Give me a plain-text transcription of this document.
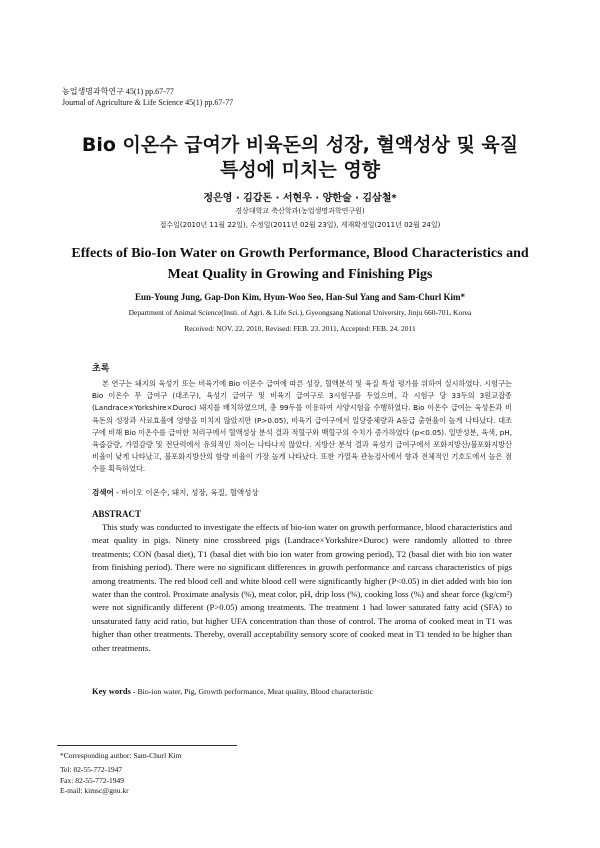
농업생명과학연구 45(1) pp.67-77
Journal of Agriculture & Life Science 45(1) pp.67-77
Bio 이온수 급여가 비육돈의 성장, 혈액성상 및 육질
특성에 미치는 영향
정은영 · 김갑돈 · 서현우 · 양한술 · 김삼철*
경상대학교 축산학과(농업생명과학연구원)
접수일(2010년 11월 22일), 수정일(2011년 02월 23일), 게재확정일(2011년 02월 24일)
Effects of Bio-Ion Water on Growth Performance, Blood Characteristics and
Meat Quality in Growing and Finishing Pigs
Eun-Young Jung, Gap-Don Kim, Hyun-Woo Seo, Han-Sul Yang and Sam-Churl Kim*
Department of Animal Science(Insti. of Agri. & Life Sci.), Gyeongsang National University, Jinju 660-701, Korea
Received: NOV. 22. 2010, Revised: FEB. 23. 2011, Accepted: FEB. 24. 2011
초록
본 연구는 돼지의 육성기 또는 비육기에 Bio 이온수 급여에 따른 성장, 혈액분석 및 육질 특성 평가를 위하여 실시하였다. 시험구는 Bio 이온수 무 급여구 (대조구), 육성기 급여구 및 비육기 급여구로 3시험구를 두었으며, 각 시험구 당 33두의 3원교잡종 (Landrace×Yorkshire×Duroc) 돼지를 배치하였으며, 총 99두를 이용하여 사양시험을 수행하였다. Bio 이온수 급여는 육성돈과 비육돈의 성장과 사료효율에 영향을 미치지 않았지만 (P>0.05), 비육기 급여구에서 일당증체량과 A등급 출현율이 높게 나타났다. 대조구에 비해 Bio 이온수를 급여한 처리구에서 혈액성상 분석 결과 적혈구와 백혈구의 수치가 증가하였다 (p<0.05). 일반성분, 육색, pH, 육즙감량, 가열감량 및 전단력에서 유의적인 차이는 나타나지 않았다. 지방산 분석 결과 육성기 급여구에서 포화지방산/불포화지방산 비율이 낮게 나타났고, 불포화지방산의 함량 비율이 가장 높게 나타났다. 또한 가열육 관능검사에서 향과 전체적인 기호도에서 높은 점수를 획득하였다.
검색어 - 바이오 이온수, 돼지, 성장, 육질, 혈액성상
ABSTRACT
This study was conducted to investigate the effects of bio-ion water on growth performance, blood characteristics and meat quality in pigs. Ninety nine crossbreed pigs (Landrace×Yorkshire×Duroc) were randomly allotted to three treatments; CON (basal diet), T1 (basal diet with bio ion water from growing period), T2 (basal diet with bio ion water from finishing period). There were no significant differences in growth performance and carcass characteristics of pigs among treatments. The red blood cell and white blood cell were significantly higher (P<0.05) in diet added with bio ion water than the control. Proximate analysis (%), meat color, pH, drip loss (%), cooking loss (%) and shear force (kg/cm²) were not significantly different (P>0.05) among treatments. The treatment 1 had lower saturated fatty acid (SFA) to unsaturated fatty acid ratio, but higher UFA concentration than those of control. The aroma of cooked meat in T1 was higher than other treatments. Thereby, overall acceptability sensory score of cooked meat in T1 tended to be higher than other treatments.
Key words - Bio-ion water, Pig, Growth performance, Meat quality, Blood characteristic
*Corresponding author: Sam-Churl Kim
Tel: 82-55-772-1947
Fax: 82-55-772-1949
E-mail: kimsc@gnu.kr
